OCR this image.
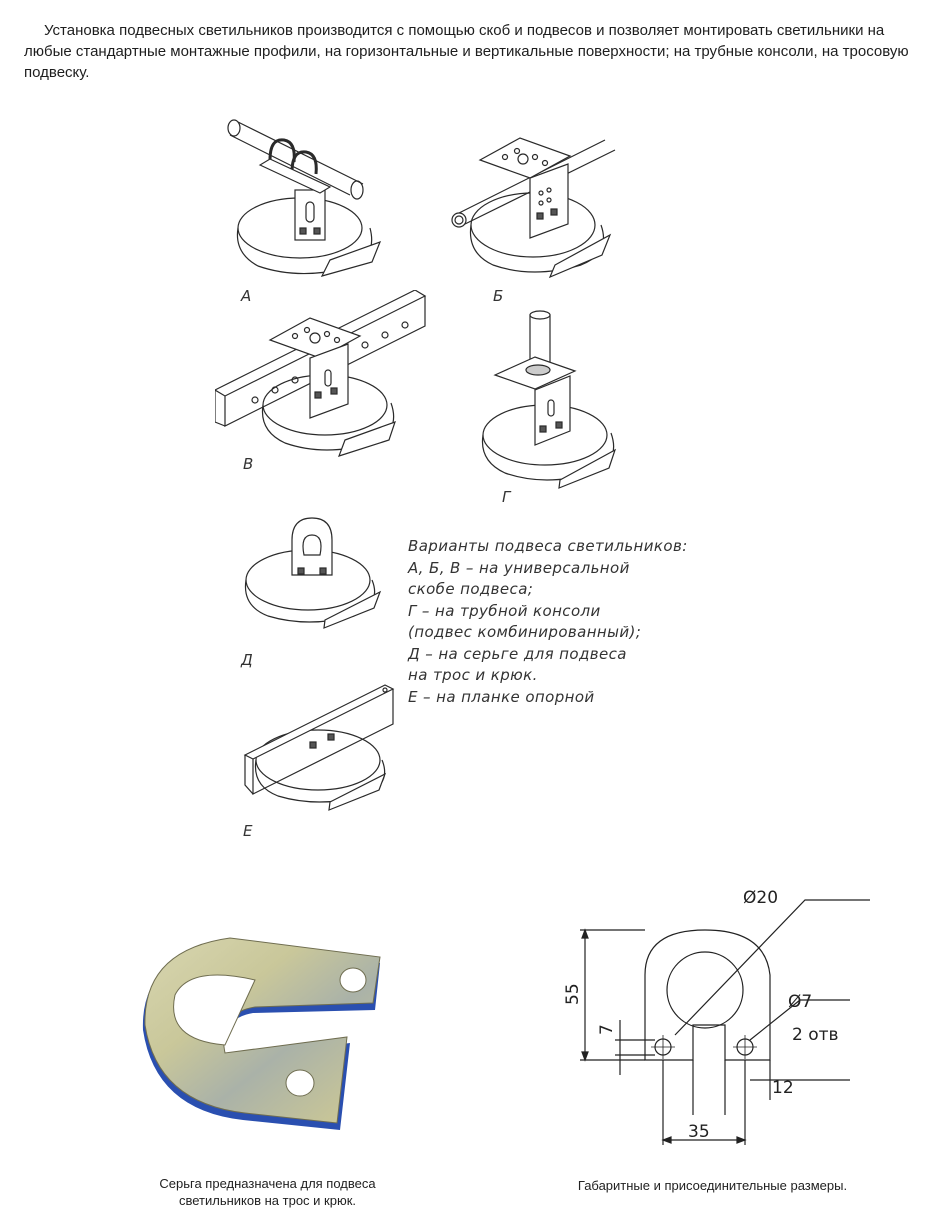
Установка подвесных светильников производится с помощью скоб и подвесов и позволяет монтировать светильники на любые стандартные монтажные профили, на горизонтальные и вертикальные поверхности; на трубные консоли, на тросовую подвеску.

А	Б
В
Г
Д
Варианты подвеса светильников:
А, Б, В – на универсальной
скобе подвеса;
Г – на трубной консоли
(подвес комбинированный);
Д – на серьге для подвеса
на трос и крюк.
Е – на планке опорной
Е
Ø20
Ø7
2 отв
55
7
12
35
Серьга предназначена для подвеса
светильников на трос и крюк.
Габаритные и присоединительные размеры.
